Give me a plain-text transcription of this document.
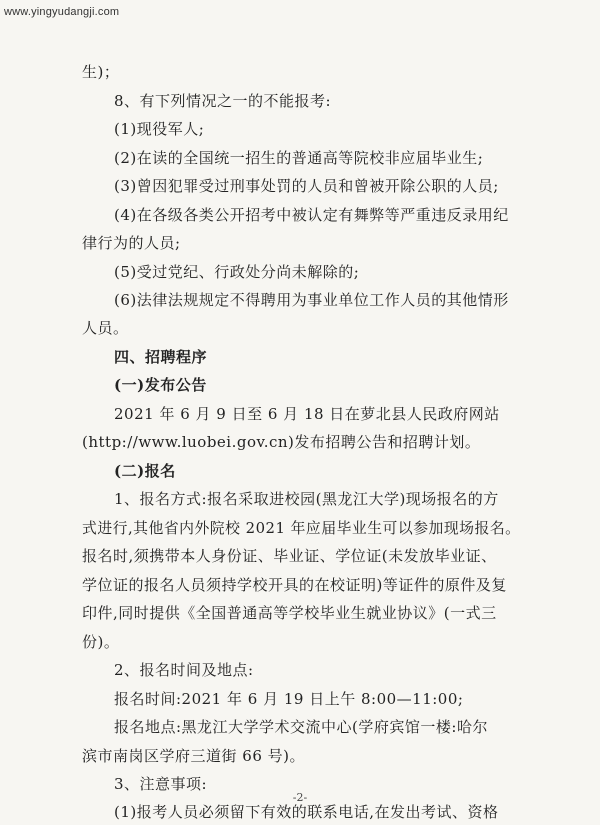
www.yingyudangji.com
生)；
8、有下列情况之一的不能报考:
(1)现役军人;
(2)在读的全国统一招生的普通高等院校非应届毕业生;
(3)曾因犯罪受过刑事处罚的人员和曾被开除公职的人员;
(4)在各级各类公开招考中被认定有舞弊等严重违反录用纪
律行为的人员;
(5)受过党纪、行政处分尚未解除的;
(6)法律法规规定不得聘用为事业单位工作人员的其他情形
人员。
四、招聘程序
(一)发布公告
2021 年 6 月 9 日至 6 月 18 日在萝北县人民政府网站
(http://www.luobei.gov.cn)发布招聘公告和招聘计划。
(二)报名
1、报名方式:报名采取进校园(黑龙江大学)现场报名的方
式进行,其他省内外院校 2021 年应届毕业生可以参加现场报名。
报名时,须携带本人身份证、毕业证、学位证(未发放毕业证、
学位证的报名人员须持学校开具的在校证明)等证件的原件及复
印件,同时提供《全国普通高等学校毕业生就业协议》(一式三
份)。
2、报名时间及地点:
报名时间:2021 年 6 月 19 日上午 8:00—11:00;
报名地点:黑龙江大学学术交流中心(学府宾馆一楼:哈尔
滨市南岗区学府三道街 66 号)。
3、注意事项:
(1)报考人员必须留下有效的联系电话,在发出考试、资格
-2-
